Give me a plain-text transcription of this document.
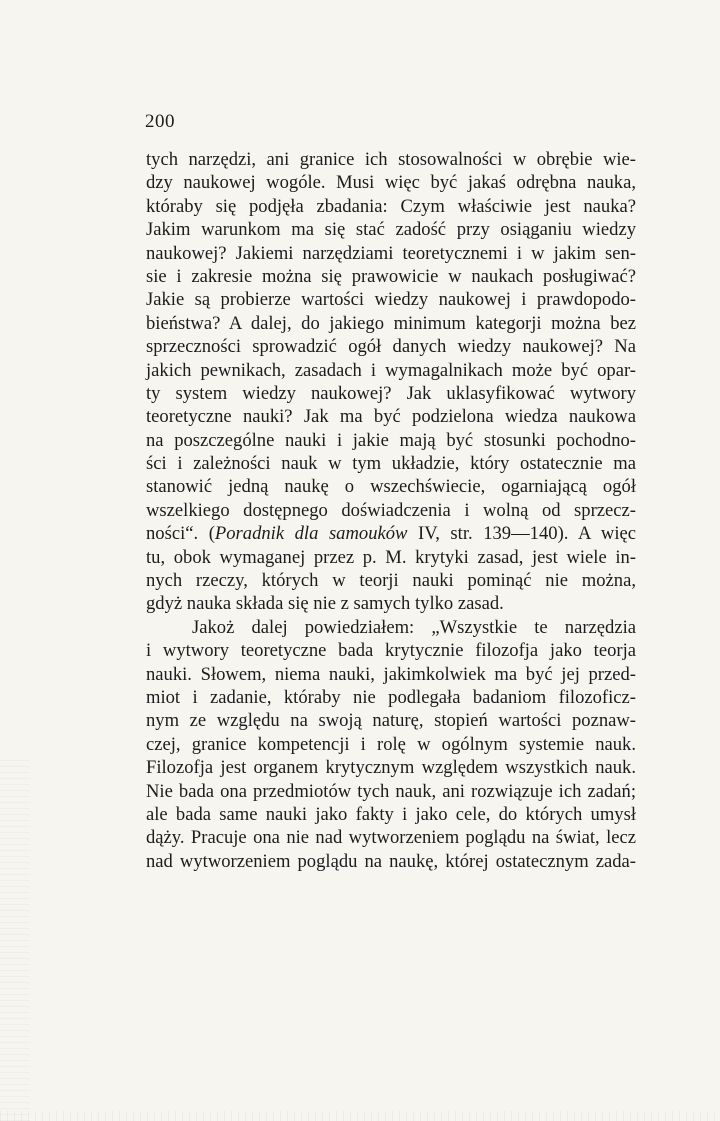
200
tych narzędzi, ani granice ich stosowalności w obrębie wie-
dzy naukowej wogóle. Musi więc być jakaś odrębna nauka,
któraby się podjęła zbadania: Czym właściwie jest nauka?
Jakim warunkom ma się stać zadość przy osiąganiu wiedzy
naukowej? Jakiemi narzędziami teoretycznemi i w jakim sen-
sie i zakresie można się prawowicie w naukach posługiwać?
Jakie są probierze wartości wiedzy naukowej i prawdopodo-
bieństwa? A dalej, do jakiego minimum kategorji można bez
sprzeczności sprowadzić ogół danych wiedzy naukowej? Na
jakich pewnikach, zasadach i wymagalnikach może być opar-
ty system wiedzy naukowej? Jak uklasyfikować wytwory
teoretyczne nauki? Jak ma być podzielona wiedza naukowa
na poszczególne nauki i jakie mają być stosunki pochodno-
ści i zależności nauk w tym układzie, który ostatecznie ma
stanowić jedną naukę o wszechświecie, ogarniającą ogół
wszelkiego dostępnego doświadczenia i wolną od sprzecz-
ności“. (Poradnik dla samouków IV, str. 139—140). A więc
tu, obok wymaganej przez p. M. krytyki zasad, jest wiele in-
nych rzeczy, których w teorji nauki pominąć nie można,
gdyż nauka składa się nie z samych tylko zasad.
Jakoż dalej powiedziałem: „Wszystkie te narzędzia
i wytwory teoretyczne bada krytycznie filozofja jako teorja
nauki. Słowem, niema nauki, jakimkolwiek ma być jej przed-
miot i zadanie, któraby nie podlegała badaniom filozoficz-
nym ze względu na swoją naturę, stopień wartości poznaw-
czej, granice kompetencji i rolę w ogólnym systemie nauk.
Filozofja jest organem krytycznym względem wszystkich nauk.
Nie bada ona przedmiotów tych nauk, ani rozwiązuje ich zadań;
ale bada same nauki jako fakty i jako cele, do których umysł
dąży. Pracuje ona nie nad wytworzeniem poglądu na świat, lecz
nad wytworzeniem poglądu na naukę, której ostatecznym zada-
